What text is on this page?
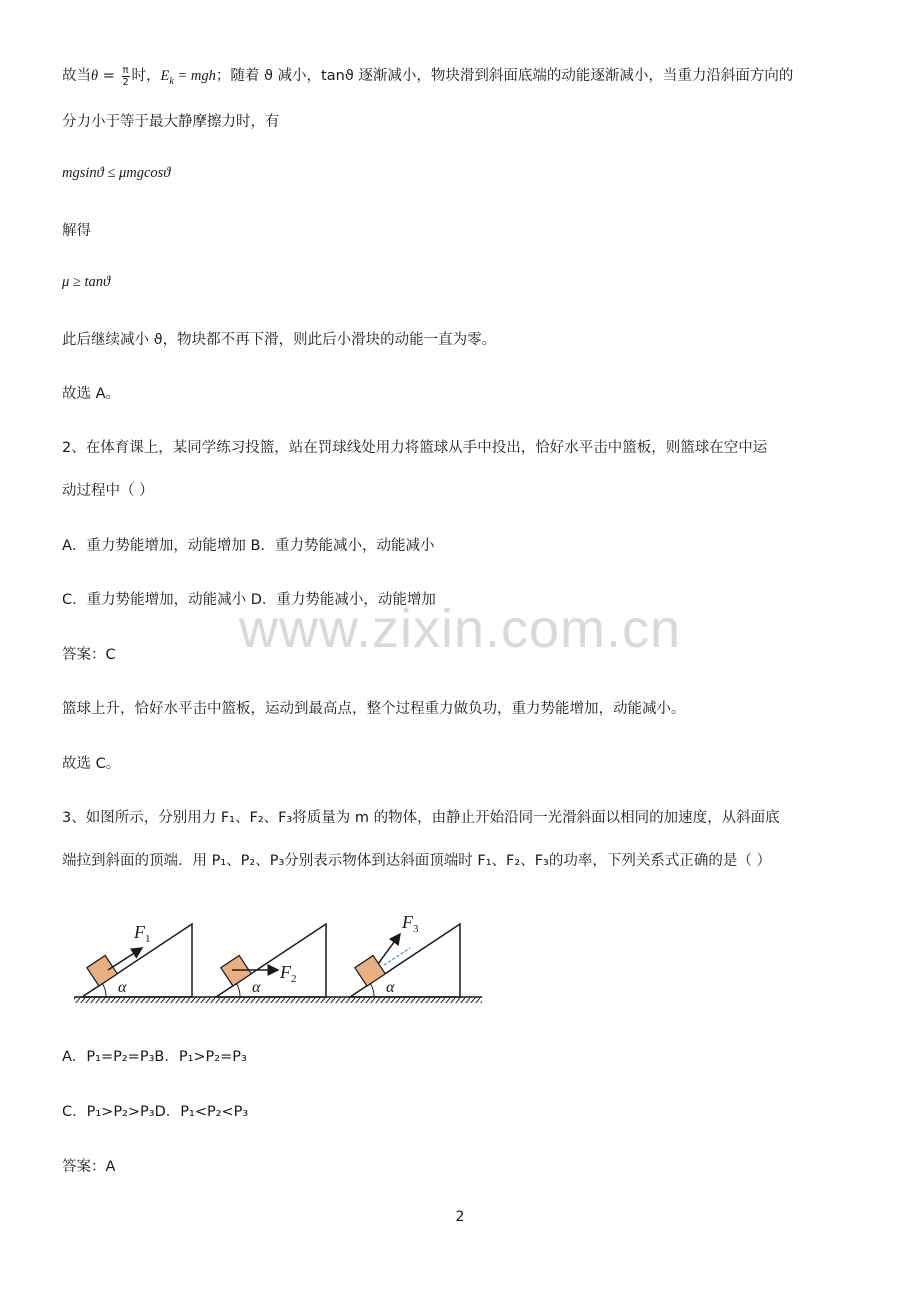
故当$\theta = \frac{\pi}{2}$ 时，$E_k$ = mgh；随着 ϑ 减小，tanϑ 逐渐减小，物块滑到斜面底端的动能逐渐减小，当重力沿斜面方向的
分力小于等于最大静摩擦力时，有
mgsinϑ ≤ μmgcosϑ
解得
μ ≥ tanϑ
此后继续减小 ϑ，物块都不再下滑，则此后小滑块的动能一直为零。
故选 A。
2、在体育课上，某同学练习投篮，站在罚球线处用力将篮球从手中投出，恰好水平击中篮板，则篮球在空中运
动过程中（ ）
A．重力势能增加，动能增加 B．重力势能减小，动能减小
C．重力势能增加，动能减小 D．重力势能减小，动能增加
答案：C
篮球上升，恰好水平击中篮板，运动到最高点，整个过程重力做负功，重力势能增加，动能减小。
故选 C。
3、如图所示，分别用力 F₁、F₂、F₃将质量为 m 的物体，由静止开始沿同一光滑斜面以相同的加速度，从斜面底
端拉到斜面的顶端．用 P₁、P₂、P₃分别表示物体到达斜面顶端时 F₁、F₂、F₃的功率，下列关系式正确的是（ ）
$F_1$
$F_2$
$F_3$
α	α	α
A．P₁=P₂=P₃B．P₁>P₂=P₃
C．P₁>P₂>P₃D．P₁<P₂<P₃
答案：A
www.zixin.com.cn
2
